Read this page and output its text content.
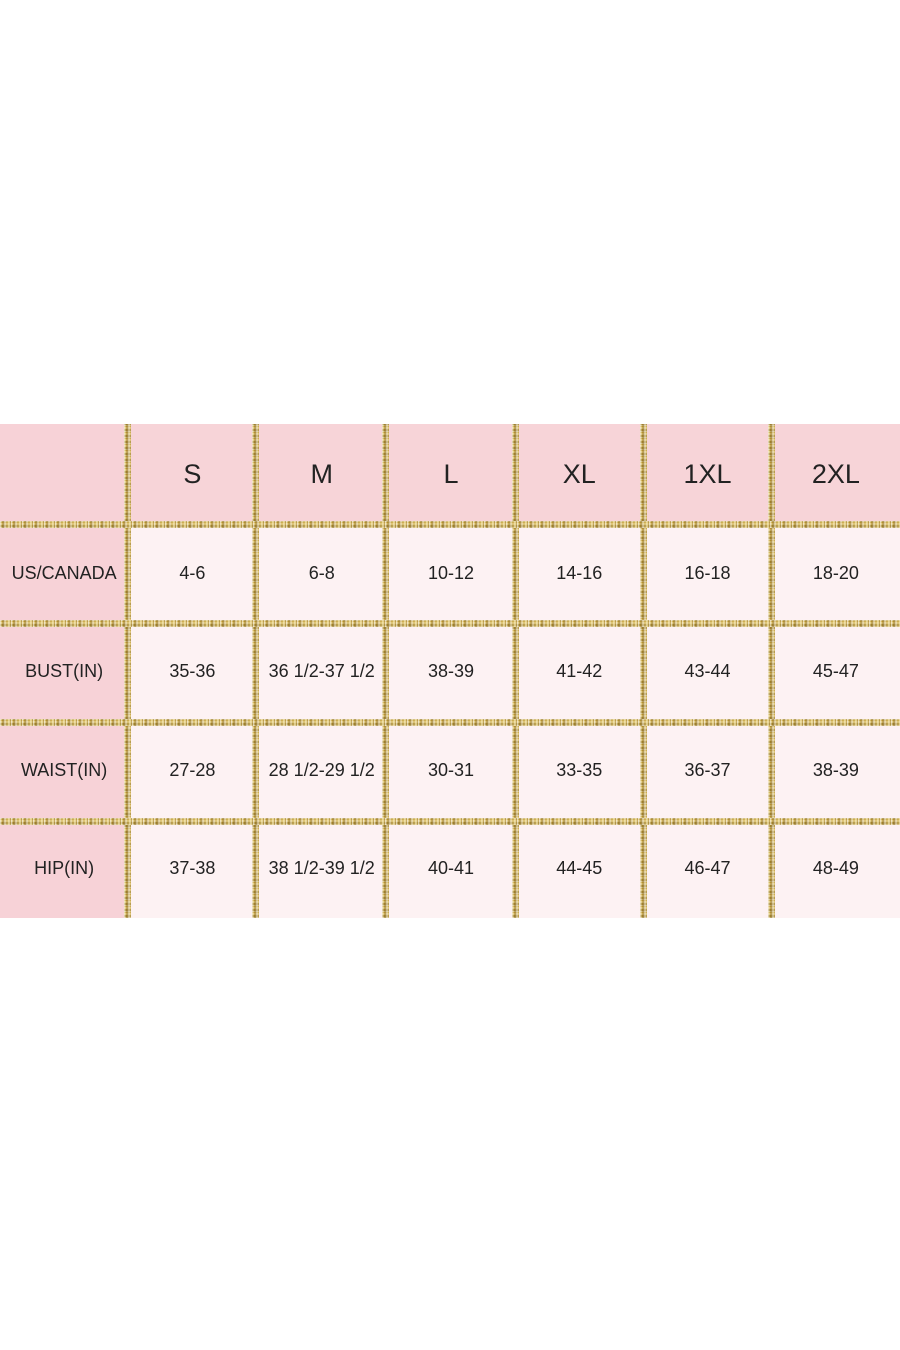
	S	M	L	XL	1XL	2XL
US/CANADA	4-6	6-8	10-12	14-16	16-18	18-20
BUST(IN)	35-36	36 1/2-37 1/2	38-39	41-42	43-44	45-47
WAIST(IN)	27-28	28 1/2-29 1/2	30-31	33-35	36-37	38-39
HIP(IN)	37-38	38 1/2-39 1/2	40-41	44-45	46-47	48-49
